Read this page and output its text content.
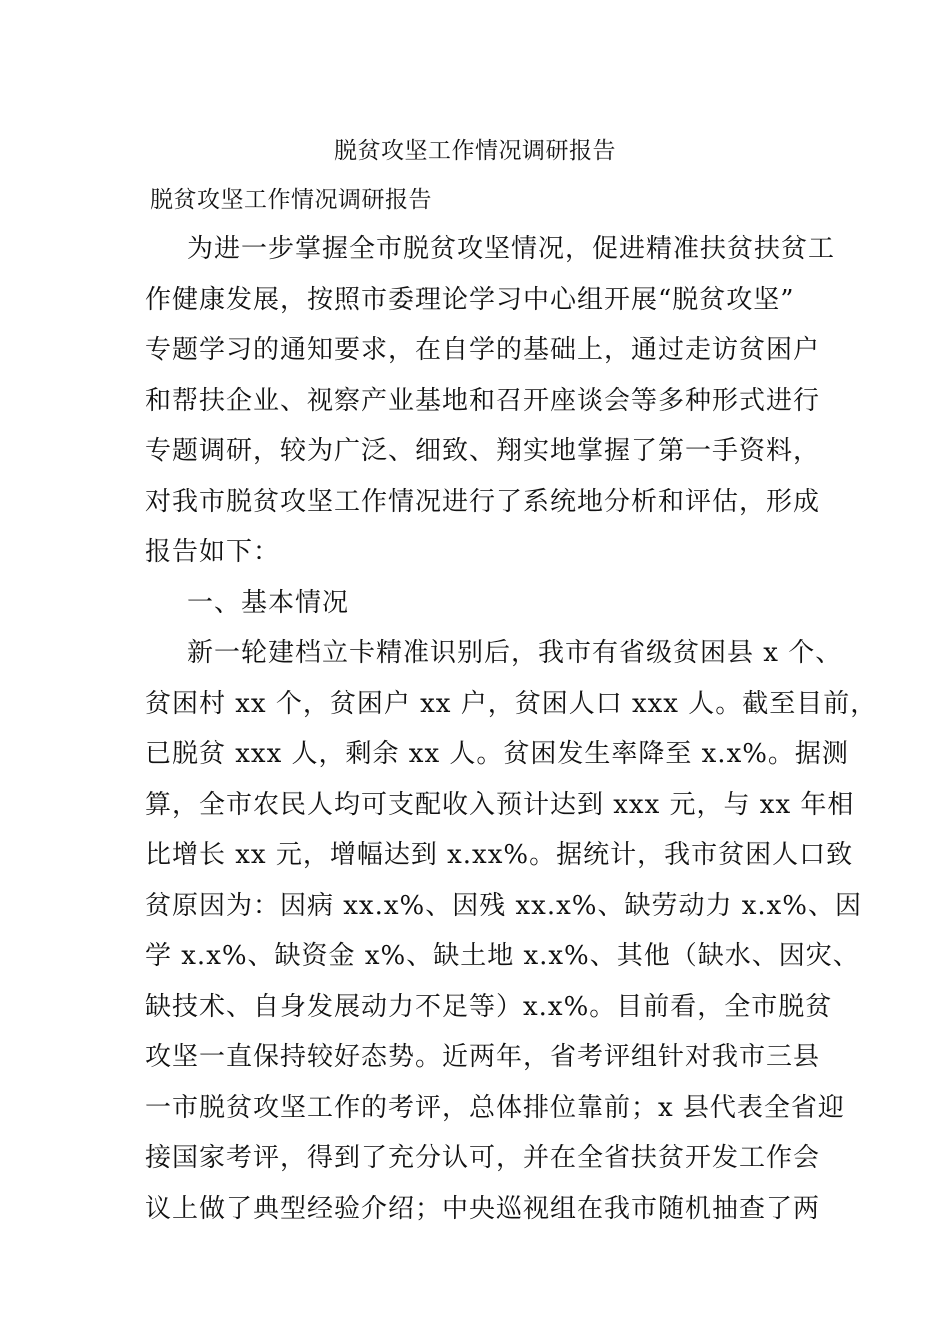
脱贫攻坚工作情况调研报告

脱贫攻坚工作情况调研报告

为进一步掌握全市脱贫攻坚情况，促进精准扶贫扶贫工
作健康发展，按照市委理论学习中心组开展“脱贫攻坚”
专题学习的通知要求，在自学的基础上，通过走访贫困户
和帮扶企业、视察产业基地和召开座谈会等多种形式进行
专题调研，较为广泛、细致、翔实地掌握了第一手资料，
对我市脱贫攻坚工作情况进行了系统地分析和评估，形成
报告如下：
一、基本情况
新一轮建档立卡精准识别后，我市有省级贫困县 x 个、
贫困村 xx 个，贫困户 xx 户，贫困人口 xxx 人。截至目前，
已脱贫 xxx 人，剩余 xx 人。贫困发生率降至 x.x%。据测
算，全市农民人均可支配收入预计达到 xxx 元，与 xx 年相
比增长 xx 元，增幅达到 x.xx%。据统计，我市贫困人口致
贫原因为：因病 xx.x%、因残 xx.x%、缺劳动力 x.x%、因
学 x.x%、缺资金 x%、缺土地 x.x%、其他（缺水、因灾、
缺技术、自身发展动力不足等）x.x%。目前看，全市脱贫
攻坚一直保持较好态势。近两年，省考评组针对我市三县
一市脱贫攻坚工作的考评，总体排位靠前；x 县代表全省迎
接国家考评，得到了充分认可，并在全省扶贫开发工作会
议上做了典型经验介绍；中央巡视组在我市随机抽查了两
